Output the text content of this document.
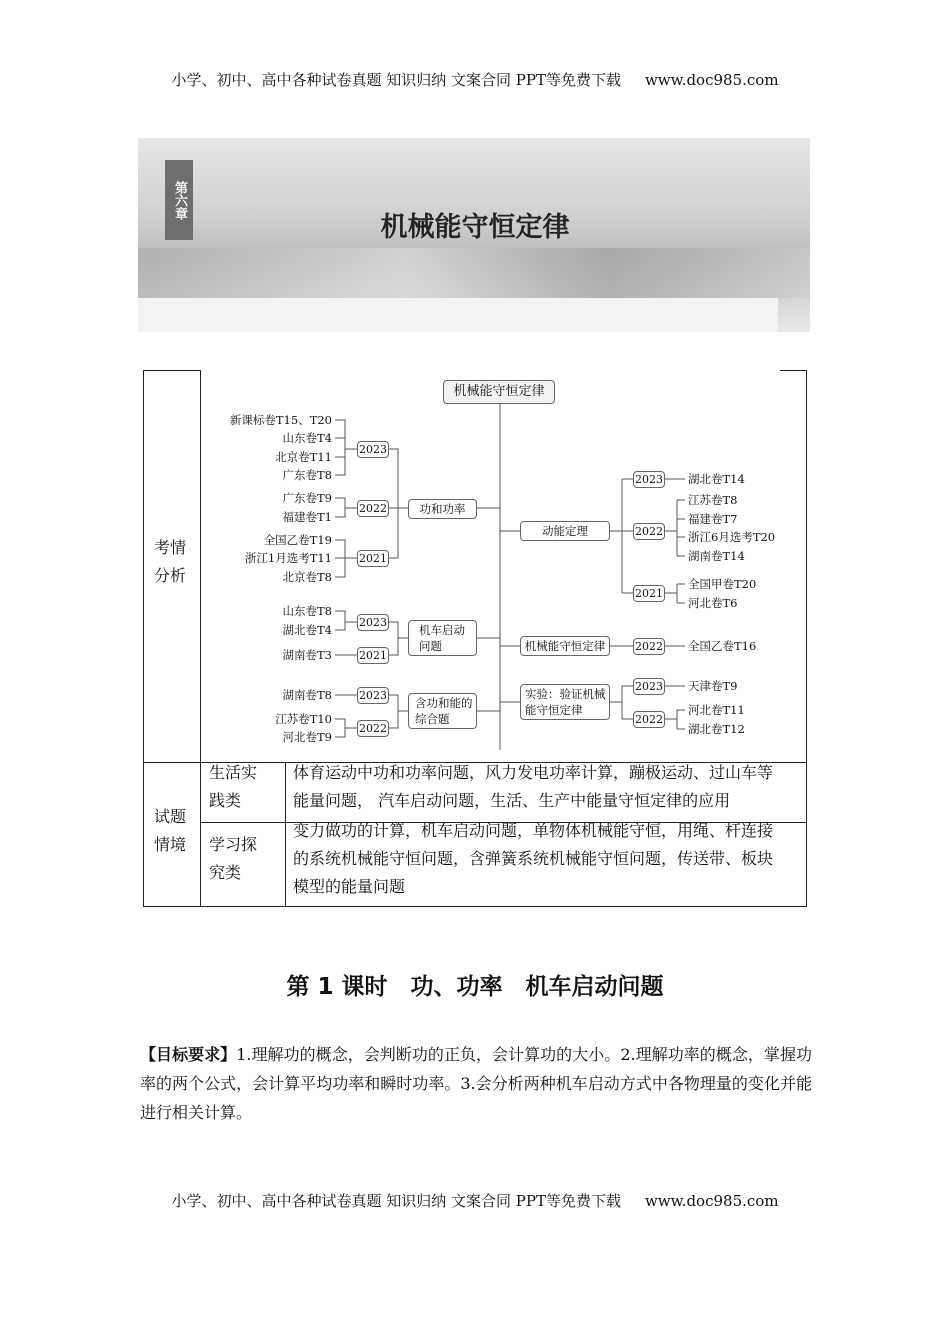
小学、初中、高中各种试卷真题 知识归纳 文案合同 PPT等免费下载 www.doc985.com
第六章
机械能守恒定律
考情
分析
试题
情境
生活实
践类
学习探
究类
体育运动中功和功率问题，风力发电功率计算，蹦极运动、过山车等
能量问题， 汽车启动问题，生活、生产中能量守恒定律的应用
变力做功的计算，机车启动问题，单物体机械能守恒，用绳、杆连接
的系统机械能守恒问题，含弹簧系统机械能守恒问题，传送带、板块
模型的能量问题
机械能守恒定律
新课标卷T15、T20
山东卷T4
北京卷T11
广东卷T8
广东卷T9
福建卷T1
全国乙卷T19
浙江1月选考T11
北京卷T8
山东卷T8
湖北卷T4
湖南卷T3
湖南卷T8
江苏卷T10
河北卷T9
2023
2022
2021
2023
2021
2023
2022
功和功率
机车启动
问题
含功和能的
综合题
动能定理
机械能守恒定律
实验：验证机械
能守恒定律
2023
2022
2021
2022
2023
2022
湖北卷T14
江苏卷T8
福建卷T7
浙江6月选考T20
湖南卷T14
全国甲卷T20
河北卷T6
全国乙卷T16
天津卷T9
河北卷T11
湖北卷T12
第 1 课时　功、功率　机车启动问题
【目标要求】1.理解功的概念，会判断功的正负，会计算功的大小。2.理解功率的概念，掌握功率的两个公式，会计算平均功率和瞬时功率。3.会分析两种机车启动方式中各物理量的变化并能进行相关计算。
小学、初中、高中各种试卷真题 知识归纳 文案合同 PPT等免费下载 www.doc985.com
